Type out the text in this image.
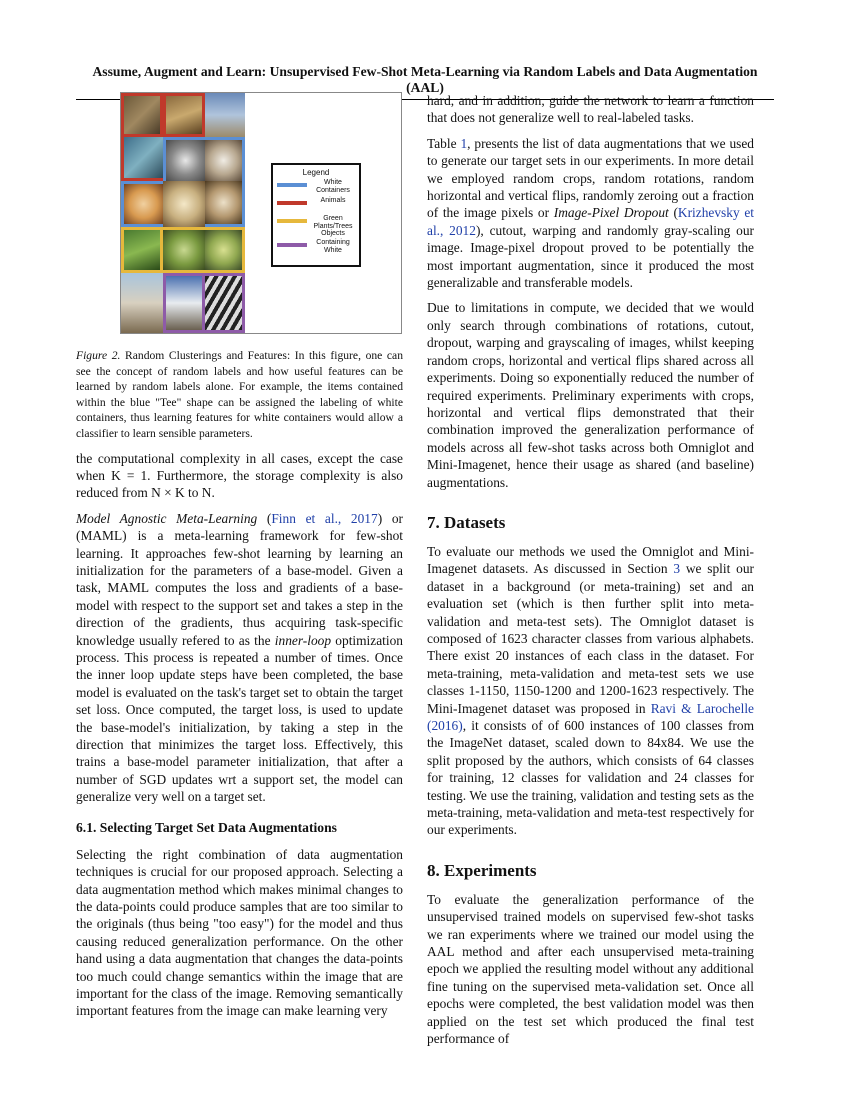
Assume, Augment and Learn: Unsupervised Few-Shot Meta-Learning via Random Labels and Data Augmentation (AAL)
Legend
White Containers
Animals
Green Plants/Trees Objects
Containing White
Figure 2. Random Clusterings and Features: In this figure, one can see the concept of random labels and how useful features can be learned by random labels alone. For example, the items contained within the blue "Tee" shape can be assigned the labeling of white containers, thus learning features for white containers would allow a classifier to learn sensible parameters.

the computational complexity in all cases, except the case when K = 1. Furthermore, the storage complexity is also reduced from N × K to N.

Model Agnostic Meta-Learning (Finn et al., 2017) or (MAML) is a meta-learning framework for few-shot learning. It approaches few-shot learning by learning an initialization for the parameters of a base-model. Given a task, MAML computes the loss and gradients of a base-model with respect to the support set and takes a step in the direction of the gradients, thus acquiring task-specific knowledge usually refered to as the inner-loop optimization process. This process is repeated a number of times. Once the inner loop update steps have been completed, the base model is evaluated on the task's target set to obtain the target set loss. Once computed, the target loss, is used to update the base-model's initialization, by taking a step in the direction that minimizes the target loss. Effectively, this trains a base-model parameter initialization, that after a number of SGD updates wrt a support set, the model can generalize very well on a target set.

6.1. Selecting Target Set Data Augmentations

Selecting the right combination of data augmentation techniques is crucial for our proposed approach. Selecting a data augmentation method which makes minimal changes to the data-points could produce samples that are too similar to the originals (thus being "too easy") for the model and thus causing reduced generalization performance. On the other hand using a data augmentation that changes the data-points too much could change semantics within the image that are important for the class of the image. Removing semantically important features from the image can make learning very

hard, and in addition, guide the network to learn a function that does not generalize well to real-labeled tasks.

Table 1, presents the list of data augmentations that we used to generate our target sets in our experiments. In more detail we employed random crops, random rotations, random horizontal and vertical flips, randomly zeroing out a fraction of the image pixels or Image-Pixel Dropout (Krizhevsky et al., 2012), cutout, warping and randomly gray-scaling our image. Image-pixel dropout proved to be potentially the most important augmentation, since it produced the most generalizable and transferable models.

Due to limitations in compute, we decided that we would only search through combinations of rotations, cutout, dropout, warping and grayscaling of images, whilst keeping random crops, horizontal and vertical flips shared across all experiments. Doing so exponentially reduced the number of required experiments. Preliminary experiments with crops, horizontal and vertical flips demonstrated that their combination improved the generalization performance of models across all few-shot tasks across both Omniglot and Mini-Imagenet, hence their usage as shared (and baseline) augmentations.

7. Datasets

To evaluate our methods we used the Omniglot and Mini-Imagenet datasets. As discussed in Section 3 we split our dataset in a background (or meta-training) set and an evaluation set (which is then further split into meta-validation and meta-test sets). The Omniglot dataset is composed of 1623 character classes from various alphabets. There exist 20 instances of each class in the dataset. For meta-training, meta-validation and meta-test sets we use classes 1-1150, 1150-1200 and 1200-1623 respectively. The Mini-Imagenet dataset was proposed in Ravi & Larochelle (2016), it consists of of 600 instances of 100 classes from the ImageNet dataset, scaled down to 84x84. We use the split proposed by the authors, which consists of 64 classes for training, 12 classes for validation and 24 classes for testing. We use the training, validation and testing sets as the meta-training, meta-validation and meta-test respectively for our experiments.

8. Experiments

To evaluate the generalization performance of the unsupervised trained models on supervised few-shot tasks we ran experiments where we trained our model using the AAL method and after each unsupervised meta-training epoch we applied the resulting model without any additional fine tuning on the supervised meta-validation set. Once all epochs were completed, the best validation model was then applied on the test set which produced the final test performance of
